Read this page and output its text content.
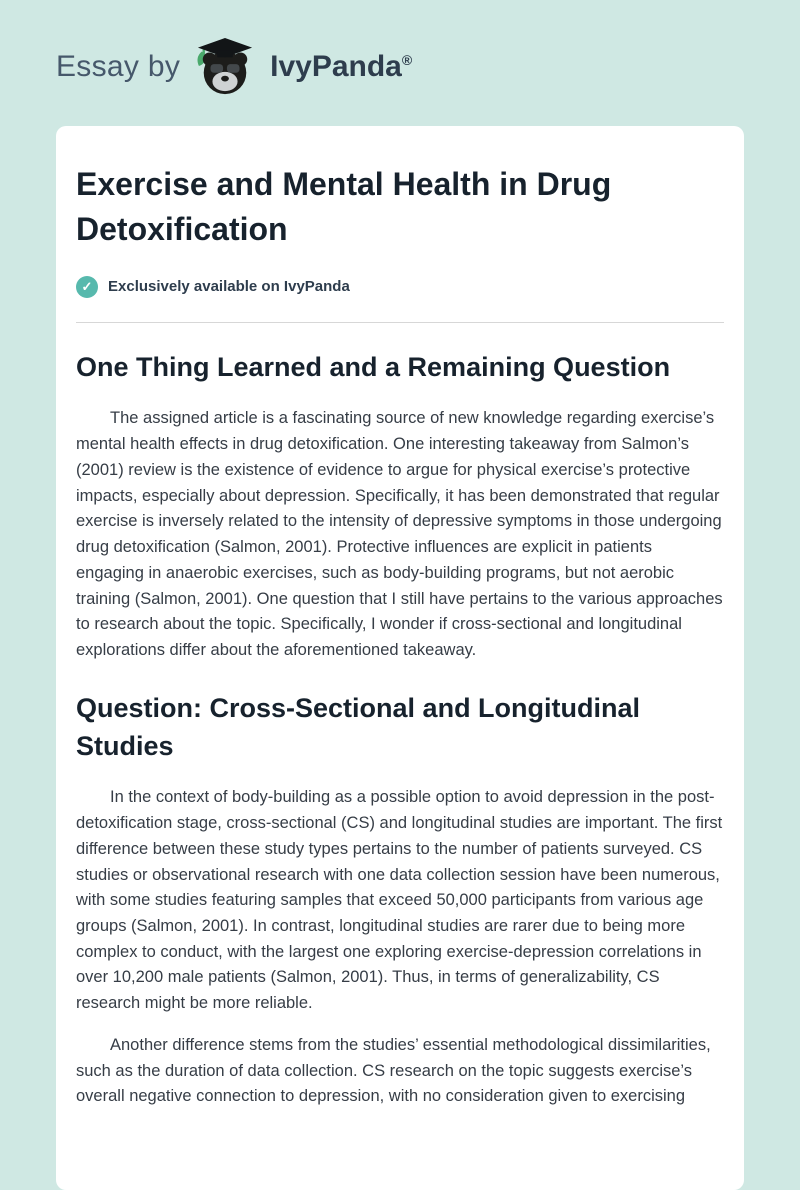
Essay by	IvyPanda®
Exercise and Mental Health in Drug Detoxification
✓	Exclusively available on IvyPanda
One Thing Learned and a Remaining Question

The assigned article is a fascinating source of new knowledge regarding exercise’s mental health effects in drug detoxification. One interesting takeaway from Salmon’s (2001) review is the existence of evidence to argue for physical exercise’s protective impacts, especially about depression. Specifically, it has been demonstrated that regular exercise is inversely related to the intensity of depressive symptoms in those undergoing drug detoxification (Salmon, 2001). Protective influences are explicit in patients engaging in anaerobic exercises, such as body-building programs, but not aerobic training (Salmon, 2001). One question that I still have pertains to the various approaches to research about the topic. Specifically, I wonder if cross-sectional and longitudinal explorations differ about the aforementioned takeaway.

Question: Cross-Sectional and Longitudinal Studies

In the context of body-building as a possible option to avoid depression in the post-detoxification stage, cross-sectional (CS) and longitudinal studies are important. The first difference between these study types pertains to the number of patients surveyed. CS studies or observational research with one data collection session have been numerous, with some studies featuring samples that exceed 50,000 participants from various age groups (Salmon, 2001). In contrast, longitudinal studies are rarer due to being more complex to conduct, with the largest one exploring exercise-depression correlations in over 10,200 male patients (Salmon, 2001). Thus, in terms of generalizability, CS research might be more reliable.

Another difference stems from the studies’ essential methodological dissimilarities, such as the duration of data collection. CS research on the topic suggests exercise’s overall negative connection to depression, with no consideration given to exercising
